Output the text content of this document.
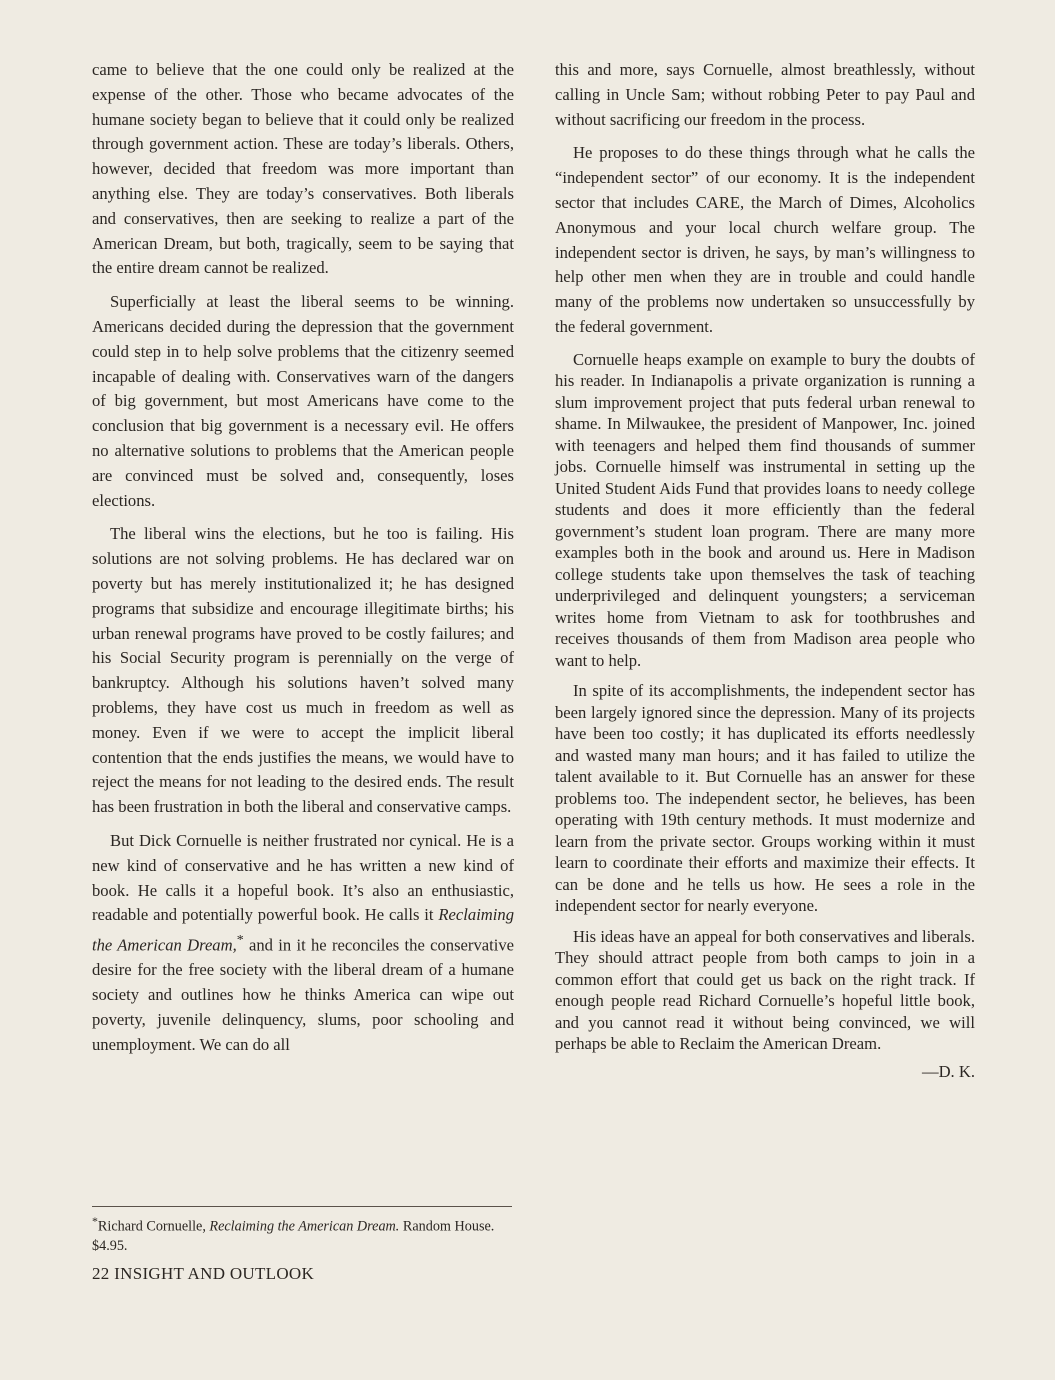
came to believe that the one could only be realized at the expense of the other. Those who became advocates of the humane society began to believe that it could only be realized through government action. These are today’s liberals. Others, however, decided that freedom was more important than anything else. They are today’s conservatives. Both liberals and conservatives, then are seeking to realize a part of the American Dream, but both, tragically, seem to be saying that the entire dream cannot be realized.

Superficially at least the liberal seems to be winning. Americans decided during the depression that the government could step in to help solve problems that the citizenry seemed incapable of dealing with. Conservatives warn of the dangers of big government, but most Americans have come to the conclusion that big government is a necessary evil. He offers no alternative solutions to problems that the American people are convinced must be solved and, consequently, loses elections.

The liberal wins the elections, but he too is failing. His solutions are not solving problems. He has declared war on poverty but has merely institutionalized it; he has designed programs that subsidize and encourage illegitimate births; his urban renewal programs have proved to be costly failures; and his Social Security program is perennially on the verge of bankruptcy. Although his solutions haven’t solved many problems, they have cost us much in freedom as well as money. Even if we were to accept the implicit liberal contention that the ends justifies the means, we would have to reject the means for not leading to the desired ends. The result has been frustration in both the liberal and conservative camps.

But Dick Cornuelle is neither frustrated nor cynical. He is a new kind of conservative and he has written a new kind of book. He calls it a hopeful book. It’s also an enthusiastic, readable and potentially powerful book. He calls it Reclaiming the American Dream,* and in it he reconciles the conservative desire for the free society with the liberal dream of a humane society and outlines how he thinks America can wipe out poverty, juvenile delinquency, slums, poor schooling and unemployment. We can do all

this and more, says Cornuelle, almost breathlessly, without calling in Uncle Sam; without robbing Peter to pay Paul and without sacrificing our freedom in the process.

He proposes to do these things through what he calls the “independent sector” of our economy. It is the independent sector that includes CARE, the March of Dimes, Alcoholics Anonymous and your local church welfare group. The independent sector is driven, he says, by man’s willingness to help other men when they are in trouble and could handle many of the problems now undertaken so unsuccessfully by the federal government.

Cornuelle heaps example on example to bury the doubts of his reader. In Indianapolis a private organization is running a slum improvement project that puts federal urban renewal to shame. In Milwaukee, the president of Manpower, Inc. joined with teenagers and helped them find thousands of summer jobs. Cornuelle himself was instrumental in setting up the United Student Aids Fund that provides loans to needy college students and does it more efficiently than the federal government’s student loan program. There are many more examples both in the book and around us. Here in Madison college students take upon themselves the task of teaching underprivileged and delinquent youngsters; a serviceman writes home from Vietnam to ask for toothbrushes and receives thousands of them from Madison area people who want to help.

In spite of its accomplishments, the independent sector has been largely ignored since the depression. Many of its projects have been too costly; it has duplicated its efforts needlessly and wasted many man hours; and it has failed to utilize the talent available to it. But Cornuelle has an answer for these problems too. The independent sector, he believes, has been operating with 19th century methods. It must modernize and learn from the private sector. Groups working within it must learn to coordinate their efforts and maximize their effects. It can be done and he tells us how. He sees a role in the independent sector for nearly everyone.

His ideas have an appeal for both conservatives and liberals. They should attract people from both camps to join in a common effort that could get us back on the right track. If enough people read Richard Cornuelle’s hopeful little book, and you cannot read it without being convinced, we will perhaps be able to Reclaim the American Dream.

—D. K.
*Richard Cornuelle, Reclaiming the American Dream. Random House. $4.95.
22 INSIGHT AND OUTLOOK
